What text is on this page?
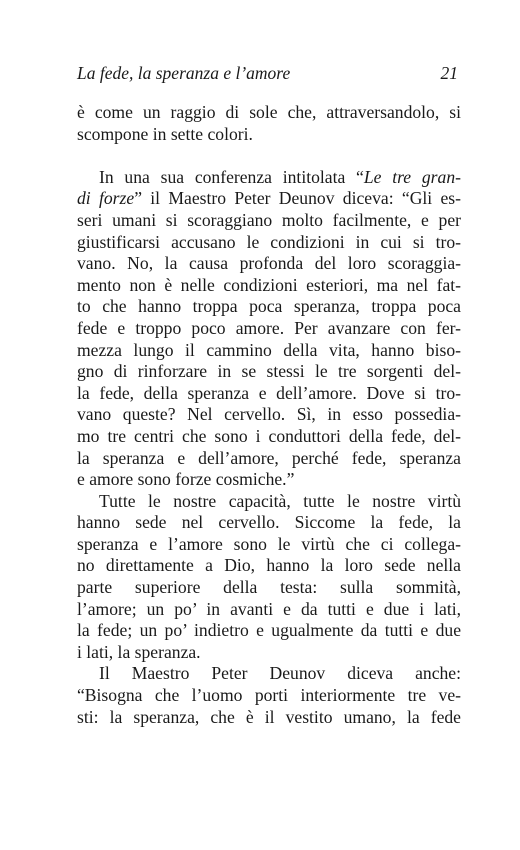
La fede, la speranza e l’amore	21

è come un raggio di sole che, attraversandolo, si
scompone in sette colori.

In una sua conferenza intitolata “Le tre gran-
di forze” il Maestro Peter Deunov diceva: “Gli es-
seri umani si scoraggiano molto facilmente, e per
giustificarsi accusano le condizioni in cui si tro-
vano. No, la causa profonda del loro scoraggia-
mento non è nelle condizioni esteriori, ma nel fat-
to che hanno troppa poca speranza, troppa poca
fede e troppo poco amore. Per avanzare con fer-
mezza lungo il cammino della vita, hanno biso-
gno di rinforzare in se stessi le tre sorgenti del-
la fede, della speranza e dell’amore. Dove si tro-
vano queste? Nel cervello. Sì, in esso possedia-
mo tre centri che sono i conduttori della fede, del-
la speranza e dell’amore, perché fede, speranza
e amore sono forze cosmiche.”

Tutte le nostre capacità, tutte le nostre virtù
hanno sede nel cervello. Siccome la fede, la
speranza e l’amore sono le virtù che ci collega-
no direttamente a Dio, hanno la loro sede nella
parte superiore della testa: sulla sommità,
l’amore; un po’ in avanti e da tutti e due i lati,
la fede; un po’ indietro e ugualmente da tutti e due
i lati, la speranza.

Il Maestro Peter Deunov diceva anche:
“Bisogna che l’uomo porti interiormente tre ve-
sti: la speranza, che è il vestito umano, la fede
